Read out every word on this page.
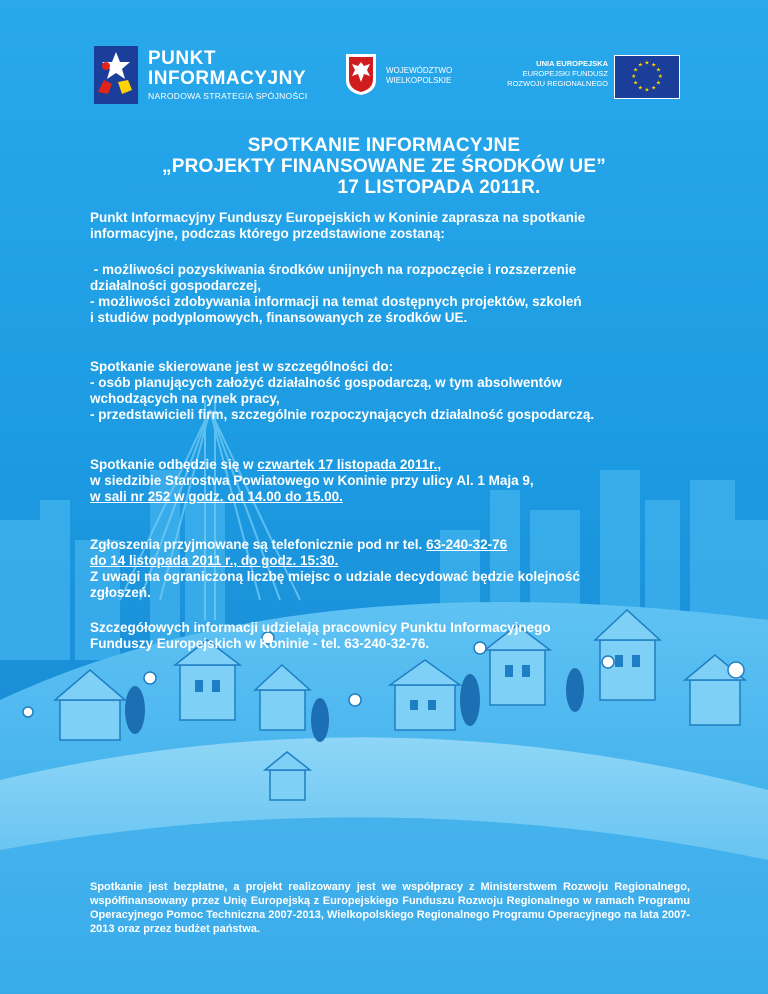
PUNKT
INFORMACYJNY
NARODOWA STRATEGIA SPÓJNOŚCI
WOJEWÓDZTWO
WIELKOPOLSKIE
UNIA EUROPEJSKA
EUROPEJSKI FUNDUSZ
ROZWOJU REGIONALNEGO
★ ★
★
★
★
★
★
★
★
★
★
★
SPOTKANIE INFORMACYJNE
„PROJEKTY FINANSOWANE ZE ŚRODKÓW UE”
17 LISTOPADA 2011R.
Punkt Informacyjny Funduszy Europejskich w Koninie zaprasza na spotkanie
informacyjne, podczas którego przedstawione zostaną:
- możliwości pozyskiwania środków unijnych na rozpoczęcie i rozszerzenie
działalności gospodarczej,
- możliwości zdobywania informacji na temat dostępnych projektów, szkoleń
i studiów podyplomowych, finansowanych ze środków UE.
Spotkanie skierowane jest w szczególności do:
- osób planujących założyć działalność gospodarczą, w tym absolwentów
wchodzących na rynek pracy,
- przedstawicieli firm, szczególnie rozpoczynających działalność gospodarczą.
Spotkanie odbędzie się w czwartek 17 listopada 2011r.,
w siedzibie Starostwa Powiatowego w Koninie przy ulicy Al. 1 Maja 9,
w sali nr 252 w godz. od 14.00 do 15.00.
Zgłoszenia przyjmowane są telefonicznie pod nr tel. 63-240-32-76
do 14 listopada 2011 r., do godz. 15:30.
Z uwagi na ograniczoną liczbę miejsc o udziale decydować będzie kolejność
zgłoszeń.
Szczegółowych informacji udzielają pracownicy Punktu Informacyjnego
Funduszy Europejskich w Koninie - tel. 63-240-32-76.
Spotkanie jest bezpłatne, a projekt realizowany jest we współpracy z Ministerstwem Rozwoju Regionalnego, współfinansowany przez Unię Europejską z Europejskiego Funduszu Rozwoju Regionalnego w ramach Programu Operacyjnego Pomoc Techniczna 2007-2013, Wielkopolskiego Regionalnego Programu Operacyjnego na lata 2007-2013 oraz przez budżet państwa.
